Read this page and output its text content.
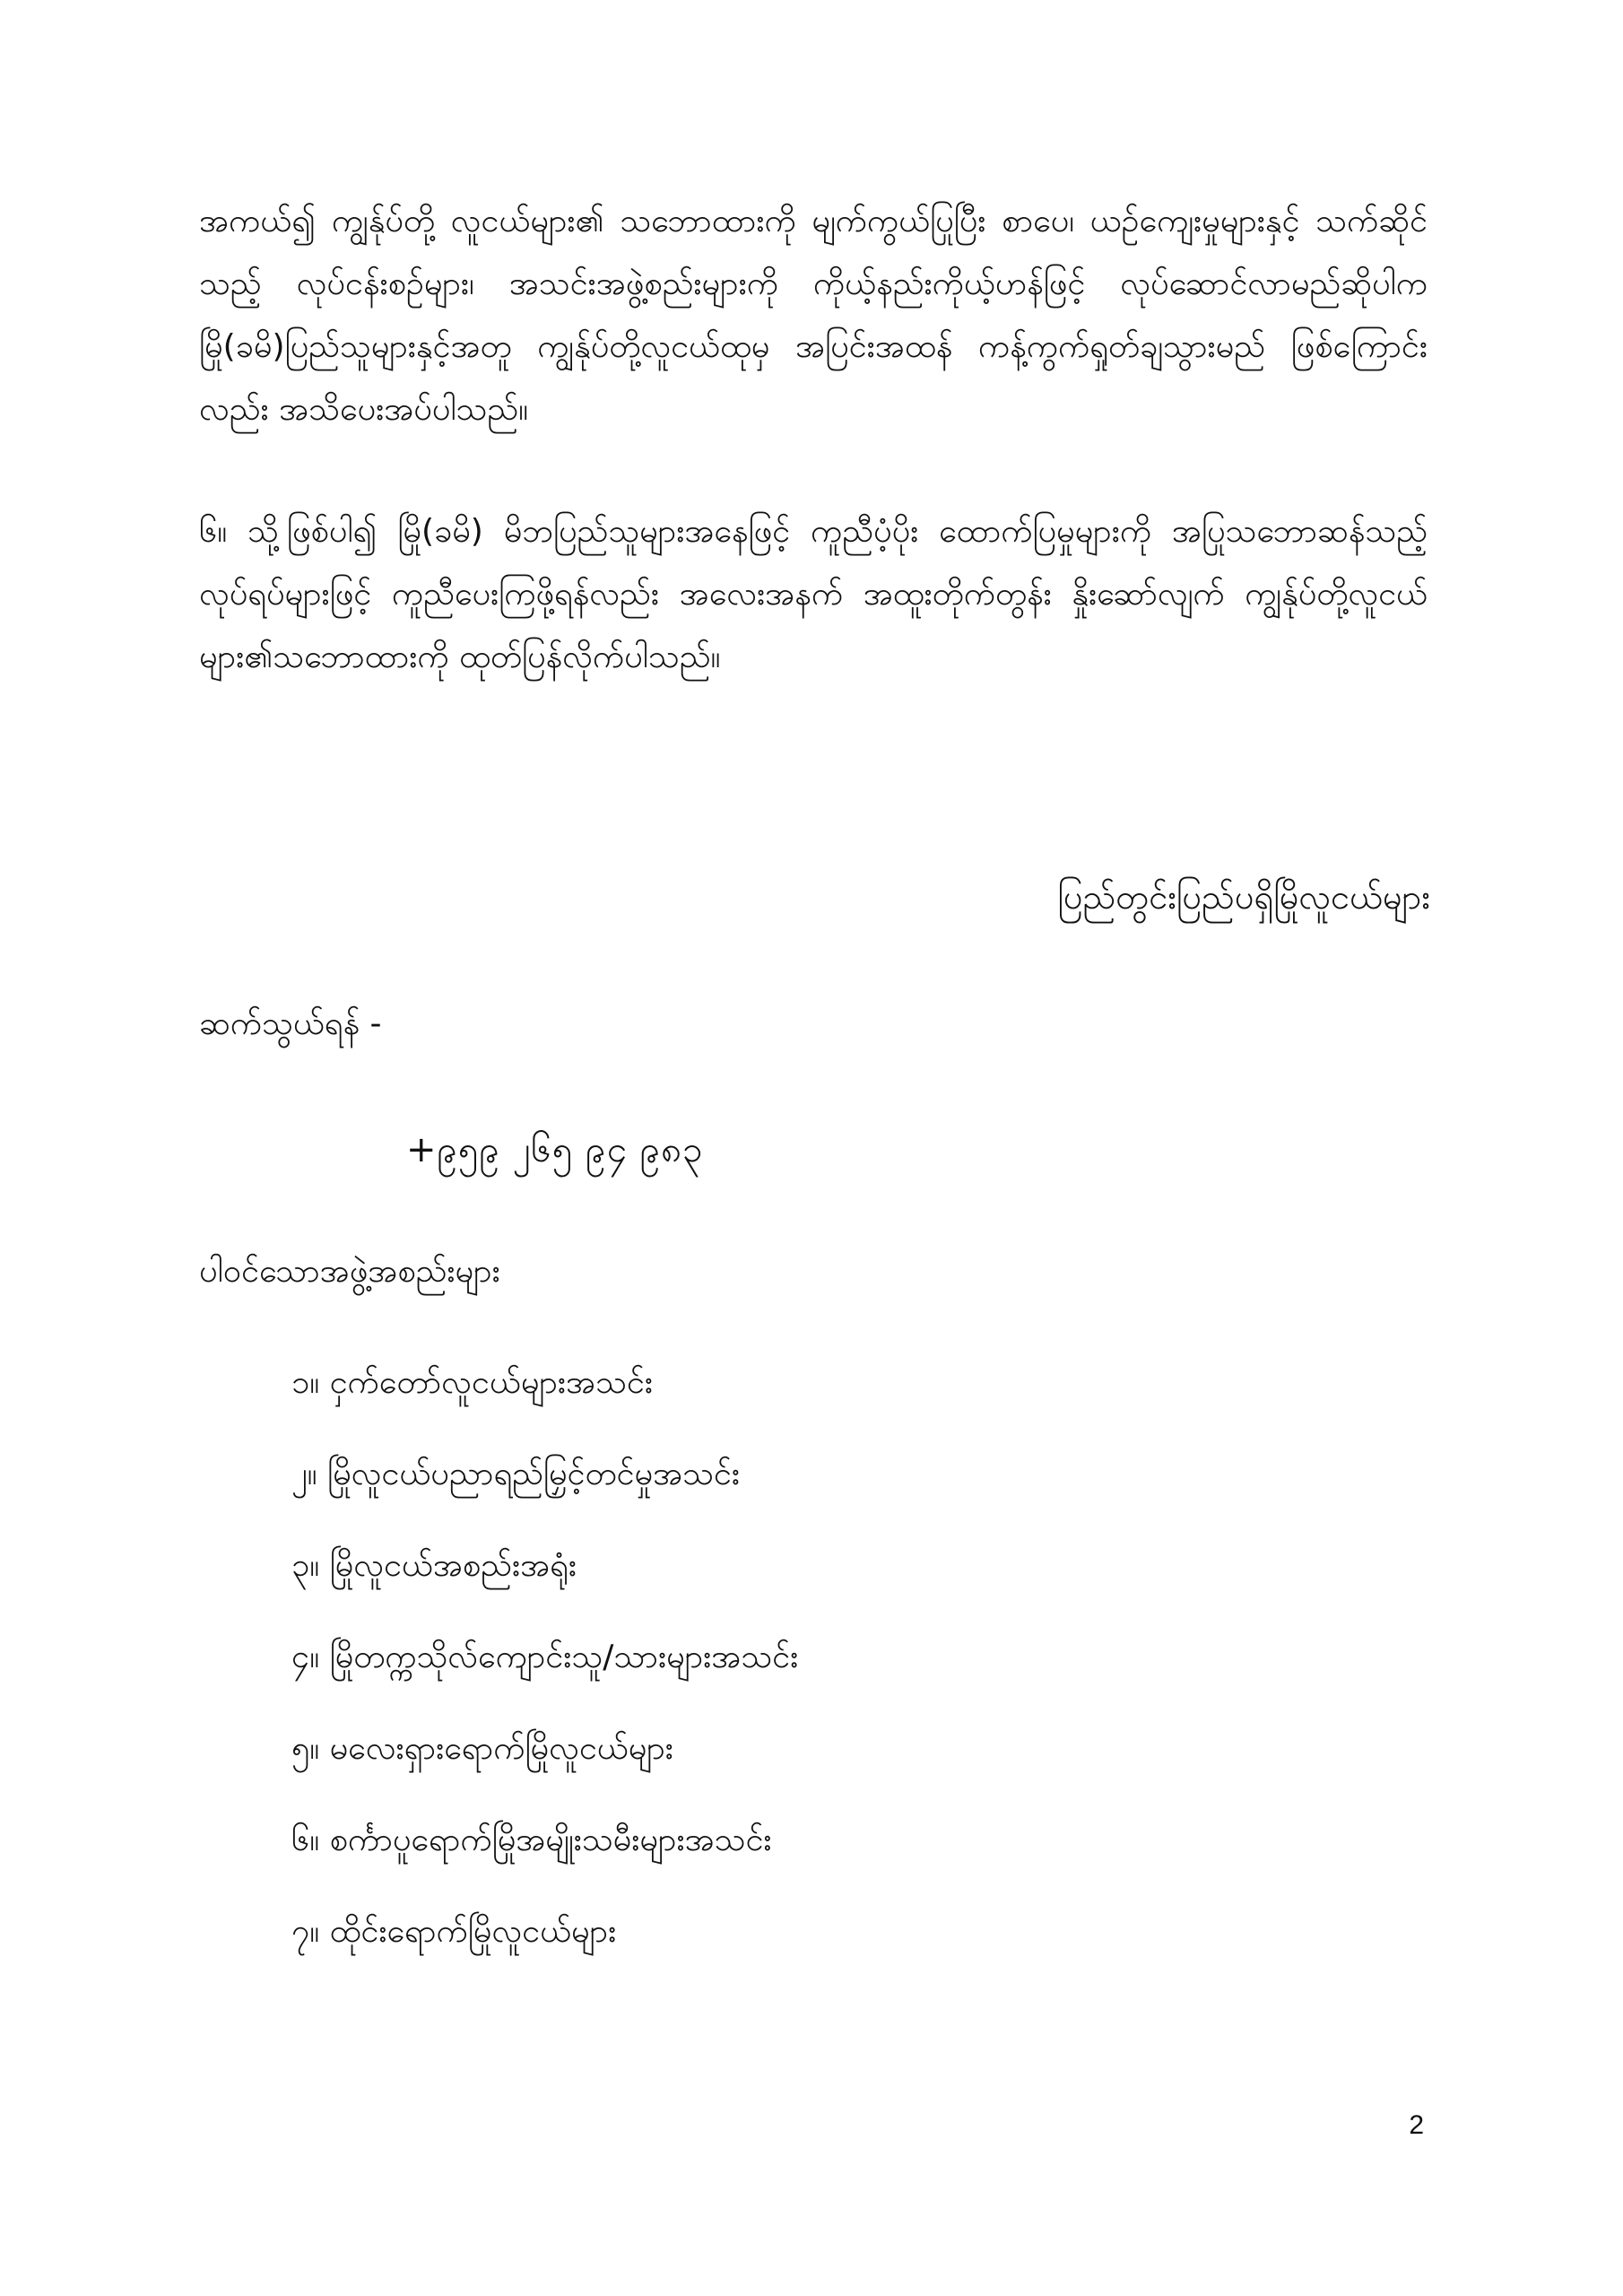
အကယ်၍ ကျွန်ုပ်တို့ လူငယ်များ၏ သဘောထားကို မျက်ကွယ်ပြုပြီး စာပေ၊ ယဉ်ကျေးမှုများနှင့် သက်ဆိုင်သည့် လုပ်ငန်းစဉ်များ၊ အသင်းအဖွဲ့စည်းများကို ကိုယ့်နည်းကိုယ့်ဟန်ဖြင့် လုပ်ဆောင်လာမည်ဆိုပါက မြို(ခမိ)ပြည်သူများနှင့်အတူ ကျွန်ုပ်တို့လူငယ်ထုမှ အပြင်းအထန် ကန့်ကွက်ရှုတ်ချသွားမည် ဖြစ်ကြောင်းလည်း အသိပေးအပ်ပါသည်။

၆။ သို့ဖြစ်ပါ၍ မြို(ခမိ) မိဘပြည်သူများအနေဖြင့် ကူညီပံ့ပိုး ထောက်ပြမှုများကို အပြုသဘောဆန်သည့် လုပ်ရပ်များဖြင့် ကူညီပေးကြဖို့ရန်လည်း အလေးအနက် အထူးတိုက်တွန်း နှိုးဆော်လျက် ကျွန်ုပ်တို့လူငယ်များ၏သဘောထားကို ထုတ်ပြန်လိုက်ပါသည်။

ပြည်တွင်းပြည်ပရှိမြိုလူငယ်များ
ဆက်သွယ်ရန် -
+၉၅၉ ၂၆၅ ၉၄ ၉၈၃
ပါဝင်သောအဖွဲ့အစည်းများ
၁။ ငှက်တော်လူငယ်များအသင်း
၂။ မြိုလူငယ်ပညာရည်မြှင့်တင်မှုအသင်း
၃။ မြိုလူငယ်အစည်းအရုံး
၄။ မြိုတက္ကသိုလ်ကျောင်းသူ/သားများအသင်း
၅။ မလေးရှားရောက်မြိုလူငယ်များ
၆။ စင်္ကာပူရောက်မြိုအမျိုးသမီးများအသင်း
၇။ ထိုင်းရောက်မြိုလူငယ်များ
2
